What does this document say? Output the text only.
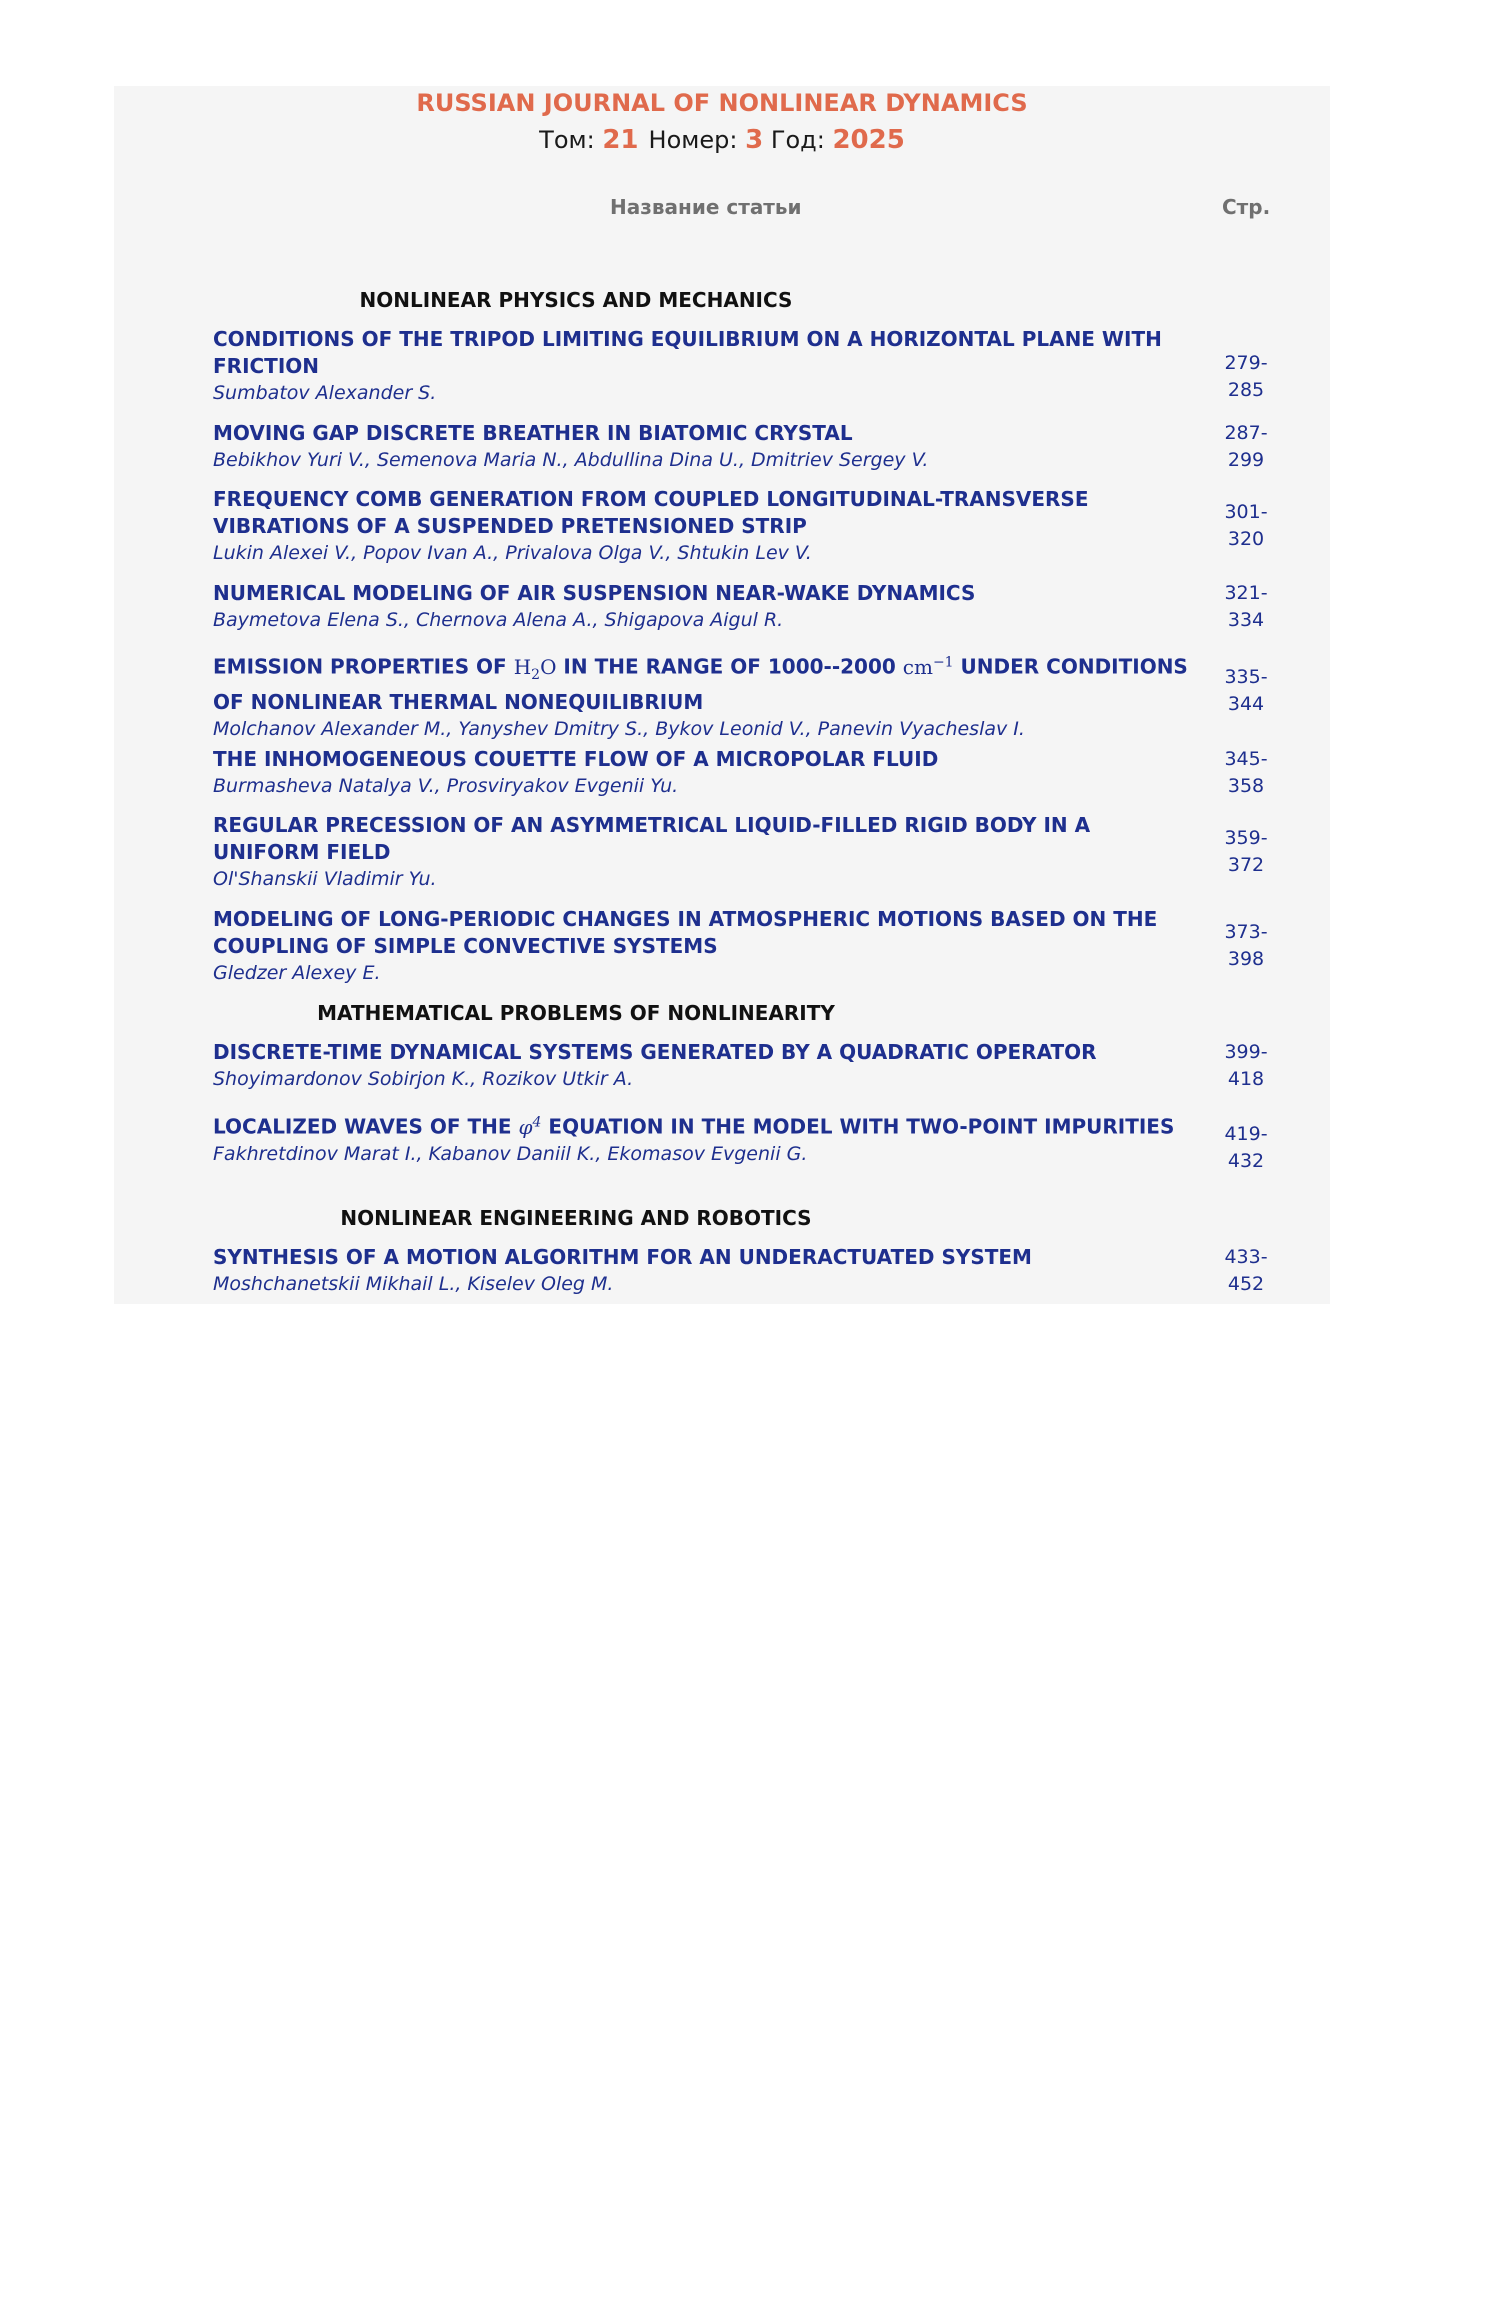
RUSSIAN JOURNAL OF NONLINEAR DYNAMICS
Том: 21 Номер: 3 Год: 2025
Название статьи	Стр.
NONLINEAR PHYSICS AND MECHANICS
CONDITIONS OF THE TRIPOD LIMITING EQUILIBRIUM ON A HORIZONTAL PLANE WITH FRICTION
Sumbatov Alexander S.
279-
285
MOVING GAP DISCRETE BREATHER IN BIATOMIC CRYSTAL
Bebikhov Yuri V., Semenova Maria N., Abdullina Dina U., Dmitriev Sergey V.
287-
299
FREQUENCY COMB GENERATION FROM COUPLED LONGITUDINAL-TRANSVERSE VIBRATIONS OF A SUSPENDED PRETENSIONED STRIP
Lukin Alexei V., Popov Ivan A., Privalova Olga V., Shtukin Lev V.
301-
320
NUMERICAL MODELING OF AIR SUSPENSION NEAR-WAKE DYNAMICS
Baymetova Elena S., Chernova Alena A., Shigapova Aigul R.
321-
334
EMISSION PROPERTIES OF $H_2O$ IN THE RANGE OF 1000--2000 $cm^{-1}$ UNDER CONDITIONS OF NONLINEAR THERMAL NONEQUILIBRIUM
Molchanov Alexander M., Yanyshev Dmitry S., Bykov Leonid V., Panevin Vyacheslav I.
335-
344
THE INHOMOGENEOUS COUETTE FLOW OF A MICROPOLAR FLUID
Burmasheva Natalya V., Prosviryakov Evgenii Yu.
345-
358
REGULAR PRECESSION OF AN ASYMMETRICAL LIQUID-FILLED RIGID BODY IN A UNIFORM FIELD
Ol'Shanskii Vladimir Yu.
359-
372
MODELING OF LONG-PERIODIC CHANGES IN ATMOSPHERIC MOTIONS BASED ON THE COUPLING OF SIMPLE CONVECTIVE SYSTEMS
Gledzer Alexey E.
373-
398
MATHEMATICAL PROBLEMS OF NONLINEARITY
DISCRETE-TIME DYNAMICAL SYSTEMS GENERATED BY A QUADRATIC OPERATOR
Shoyimardonov Sobirjon K., Rozikov Utkir A.
399-
418
LOCALIZED WAVES OF THE $\varphi^4$ EQUATION IN THE MODEL WITH TWO-POINT IMPURITIES
Fakhretdinov Marat I., Kabanov Daniil K., Ekomasov Evgenii G.
419-
432
NONLINEAR ENGINEERING AND ROBOTICS
SYNTHESIS OF A MOTION ALGORITHM FOR AN UNDERACTUATED SYSTEM
Moshchanetskii Mikhail L., Kiselev Oleg M.
433-
452
